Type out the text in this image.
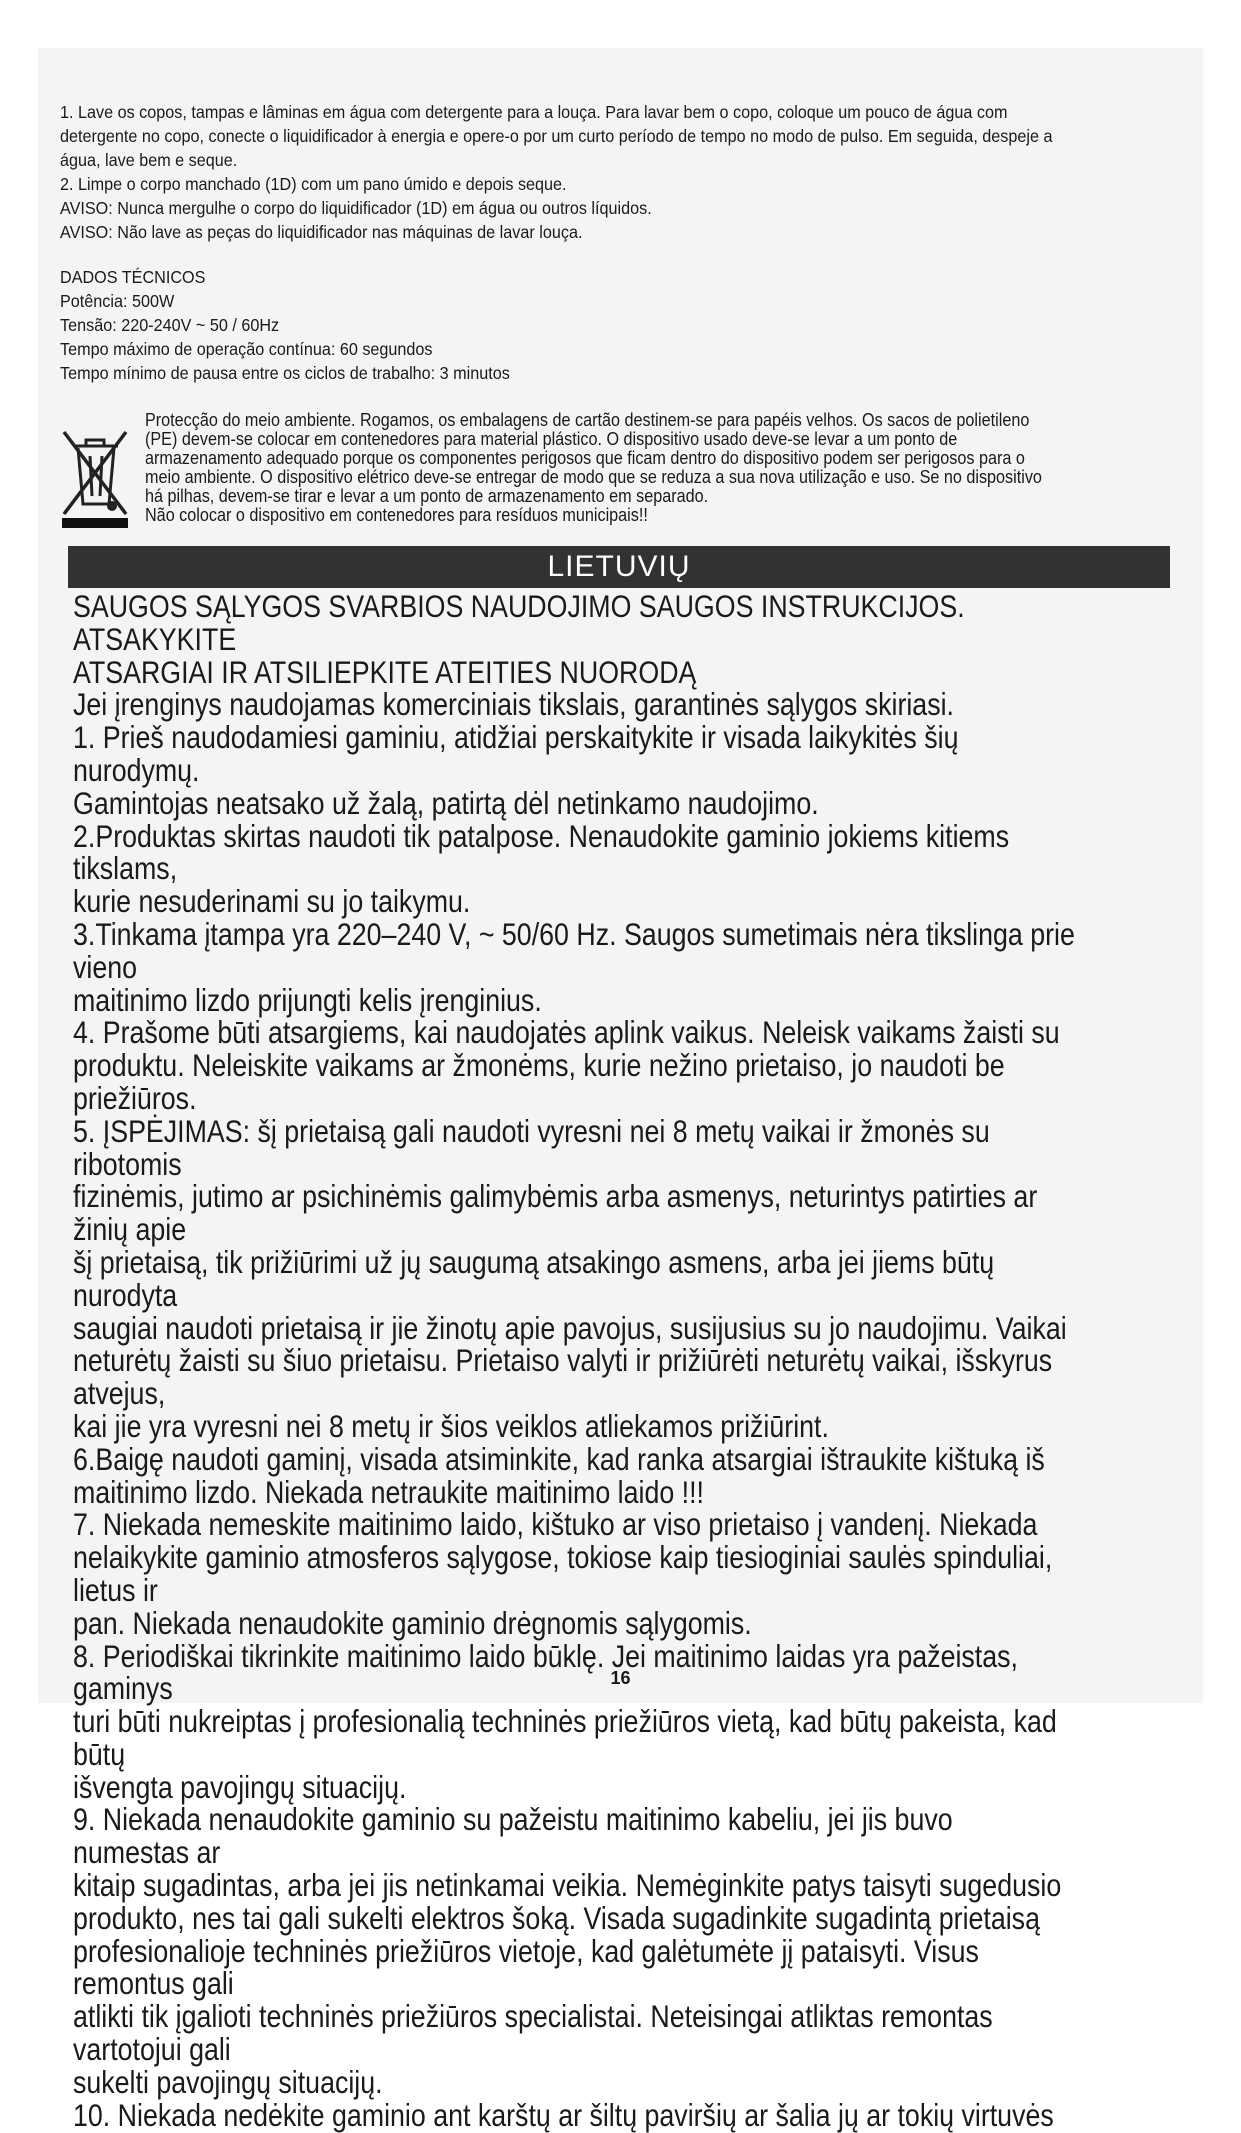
1. Lave os copos, tampas e lâminas em água com detergente para a louça. Para lavar bem o copo, coloque um pouco de água com

detergente no copo, conecte o liquidificador à energia e opere-o por um curto período de tempo no modo de pulso. Em seguida, despeje a

água, lave bem e seque.

2. Limpe o corpo manchado (1D) com um pano úmido e depois seque.

AVISO: Nunca mergulhe o corpo do liquidificador (1D) em água ou outros líquidos.

AVISO: Não lave as peças do liquidificador nas máquinas de lavar louça.

DADOS TÉCNICOS

Potência: 500W

Tensão: 220-240V ~ 50 / 60Hz

Tempo máximo de operação contínua: 60 segundos

Tempo mínimo de pausa entre os ciclos de trabalho: 3 minutos

Protecção do meio ambiente. Rogamos, os embalagens de cartão destinem-se para papéis velhos. Os sacos de polietileno

(PE) devem-se colocar em contenedores para material plástico. O dispositivo usado deve-se levar a um ponto de

armazenamento adequado porque os componentes perigosos que ficam dentro do dispositivo podem ser perigosos para o

meio ambiente. O dispositivo elétrico deve-se entregar de modo que se reduza a sua nova utilização e uso. Se no dispositivo

há pilhas, devem-se tirar e levar a um ponto de armazenamento em separado.

Não colocar o dispositivo em contenedores para resíduos municipais!!

LIETUVIŲ

SAUGOS SĄLYGOS SVARBIOS NAUDOJIMO SAUGOS INSTRUKCIJOS. ATSAKYKITE

ATSARGIAI IR ATSILIEPKITE ATEITIES NUORODĄ

Jei įrenginys naudojamas komerciniais tikslais, garantinės sąlygos skiriasi.

1. Prieš naudodamiesi gaminiu, atidžiai perskaitykite ir visada laikykitės šių nurodymų.

Gamintojas neatsako už žalą, patirtą dėl netinkamo naudojimo.

2.Produktas skirtas naudoti tik patalpose. Nenaudokite gaminio jokiems kitiems tikslams,

kurie nesuderinami su jo taikymu.

3.Tinkama įtampa yra 220–240 V, ~ 50/60 Hz. Saugos sumetimais nėra tikslinga prie vieno

maitinimo lizdo prijungti kelis įrenginius.

4. Prašome būti atsargiems, kai naudojatės aplink vaikus. Neleisk vaikams žaisti su

produktu. Neleiskite vaikams ar žmonėms, kurie nežino prietaiso, jo naudoti be priežiūros.

5. ĮSPĖJIMAS: šį prietaisą gali naudoti vyresni nei 8 metų vaikai ir žmonės su ribotomis

fizinėmis, jutimo ar psichinėmis galimybėmis arba asmenys, neturintys patirties ar žinių apie

šį prietaisą, tik prižiūrimi už jų saugumą atsakingo asmens, arba jei jiems būtų nurodyta

saugiai naudoti prietaisą ir jie žinotų apie pavojus, susijusius su jo naudojimu. Vaikai

neturėtų žaisti su šiuo prietaisu. Prietaiso valyti ir prižiūrėti neturėtų vaikai, išskyrus atvejus,

kai jie yra vyresni nei 8 metų ir šios veiklos atliekamos prižiūrint.

6.Baigę naudoti gaminį, visada atsiminkite, kad ranka atsargiai ištraukite kištuką iš

maitinimo lizdo. Niekada netraukite maitinimo laido !!!

7. Niekada nemeskite maitinimo laido, kištuko ar viso prietaiso į vandenį. Niekada

nelaikykite gaminio atmosferos sąlygose, tokiose kaip tiesioginiai saulės spinduliai, lietus ir

pan. Niekada nenaudokite gaminio drėgnomis sąlygomis.

8. Periodiškai tikrinkite maitinimo laido būklę. Jei maitinimo laidas yra pažeistas, gaminys

turi būti nukreiptas į profesionalią techninės priežiūros vietą, kad būtų pakeista, kad būtų

išvengta pavojingų situacijų.

9. Niekada nenaudokite gaminio su pažeistu maitinimo kabeliu, jei jis buvo numestas ar

kitaip sugadintas, arba jei jis netinkamai veikia. Nemėginkite patys taisyti sugedusio

produkto, nes tai gali sukelti elektros šoką. Visada sugadinkite sugadintą prietaisą

profesionalioje techninės priežiūros vietoje, kad galėtumėte jį pataisyti. Visus remontus gali

atlikti tik įgalioti techninės priežiūros specialistai. Neteisingai atliktas remontas vartotojui gali

sukelti pavojingų situacijų.

10. Niekada nedėkite gaminio ant karštų ar šiltų paviršių ar šalia jų ar tokių virtuvės

16
